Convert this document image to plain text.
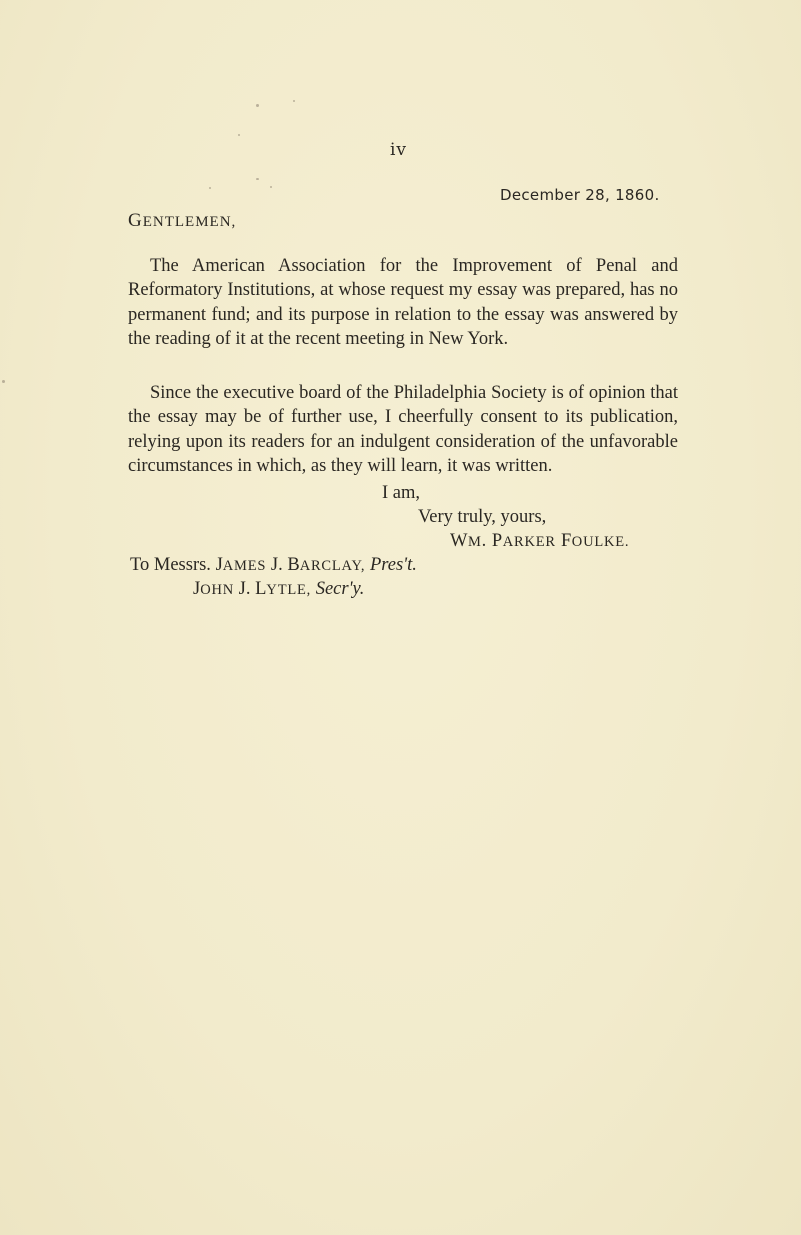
iv
December 28, 1860.
GENTLEMEN,

The American Association for the Improvement of Penal and Reformatory Institutions, at whose request my essay was prepared, has no permanent fund; and its purpose in relation to the essay was answered by the reading of it at the recent meeting in New York.

Since the executive board of the Philadelphia Society is of opinion that the essay may be of further use, I cheerfully consent to its publication, relying upon its readers for an indulgent consideration of the unfavorable circumstances in which, as they will learn, it was written.

I am,
Very truly, yours,
WM. PARKER FOULKE.
To Messrs. JAMES J. BARCLAY, Pres't.
JOHN J. LYTLE, Secr'y.
